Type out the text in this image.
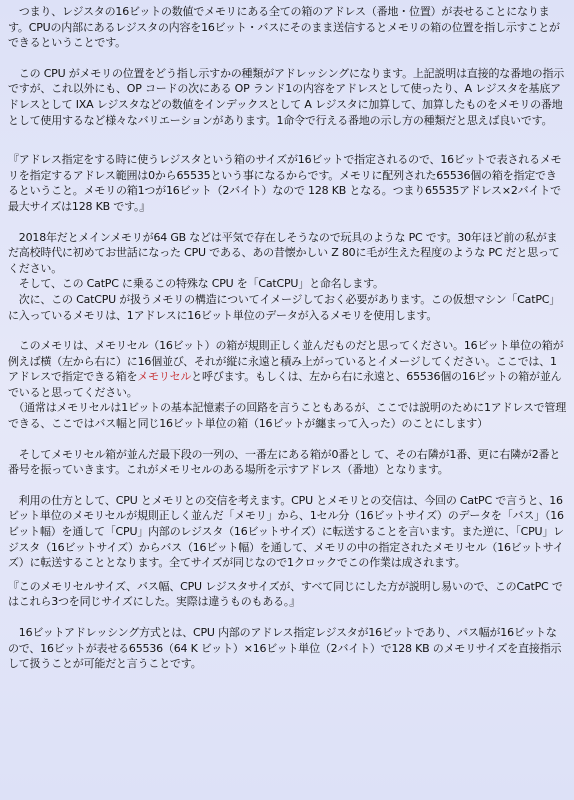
　つまり、レジスタの16ビットの数値でメモリにある全ての箱のアドレス（番地・位置）が表せることになります。CPUの内部にあるレジスタの内容を16ビット・バスにそのまま送信するとメモリの箱の位置を指し示すことができるということです。

　この CPU がメモリの位置をどう指し示すかの種類がアドレッシングになります。上記説明は直接的な番地の指示ですが、これ以外にも、OP コードの次にある OP ランド1の内容をアドレスとして使ったり、A レジスタを基底アドレスとして IXA レジスタなどの数値をインデックスとして A レジスタに加算して、加算したものをメモリの番地として使用するなど様々なバリエーションがあります。1命令で行える番地の示し方の種類だと思えば良いです。

『アドレス指定をする時に使うレジスタという箱のサイズが16ビットで指定されるので、16ビットで表されるメモリを指定するアドレス範囲は0から65535という事になるからです。メモリに配列された65536個の箱を指定できるということ。メモリの箱1つが16ビット（2バイト）なので 128 KB となる。つまり65535アドレス×2バイトで最大サイズは128 KB です。』

　2018年だとメインメモリが64 GB などは平気で存在しそうなので玩具のような PC です。30年ほど前の私がまだ高校時代に初めてお世話になった CPU である、あの昔懐かしい Z 80に毛が生えた程度のような PC だと思ってください。

　そして、この CatPC に乗るこの特殊な CPU を「CatCPU」と命名します。

　次に、この CatCPU が扱うメモリの構造についてイメージしておく必要があります。この仮想マシン「CatPC」に入っているメモリは、1アドレスに16ビット単位のデータが入るメモリを使用します。

　このメモリは、メモリセル（16ビット）の箱が規則正しく並んだものだと思ってください。16ビット単位の箱が例えば横（左から右に）に16個並び、それが縦に永遠と積み上がっているとイメージしてください。ここでは、1アドレスで指定できる箱をメモリセルと呼びます。もしくは、左から右に永遠と、65536個の16ビットの箱が並んでいると思ってください。

　（通常はメモリセルは1ビットの基本記憶素子の回路を言うこともあるが、ここでは説明のために1アドレスで管理できる、ここではバス幅と同じ16ビット単位の箱（16ビットが纏まって入った）のことにします）

　そしてメモリセル箱が並んだ最下段の一列の、一番左にある箱が0番とし て、その右隣が1番、更に右隣が2番と番号を振っていきます。これがメモリセルのある場所を示すアドレス（番地）となります。

　利用の仕方として、CPU とメモリとの交信を考えます。CPU とメモリとの交信は、今回の CatPC で言うと、16ビット単位のメモリセルが規則正しく並んだ「メモリ」から、1セル分（16ビットサイズ）のデータを「バス」（16ビット幅）を通して「CPU」内部のレジスタ（16ビットサイズ）に転送することを言います。また逆に、「CPU」レジスタ（16ビットサイズ）からバス（16ビット幅）を通して、メモリの中の指定されたメモリセル（16ビットサイズ）に転送することとなります。全てサイズが同じなので1クロックでこの作業は成されます。

『このメモリセルサイズ、バス幅、CPU レジスタサイズが、すべて同じにした方が説明し易いので、このCatPC ではこれら3つを同じサイズにした。実際は違うものもある。』

　16ビットアドレッシング方式とは、CPU 内部のアドレス指定レジスタが16ビットであり、パス幅が16ビットなので、16ビットが表せる65536（64 K ビット）×16ビット単位（2バイト）で128 KB のメモリサイズを直接指示して扱うことが可能だと言うことです。
